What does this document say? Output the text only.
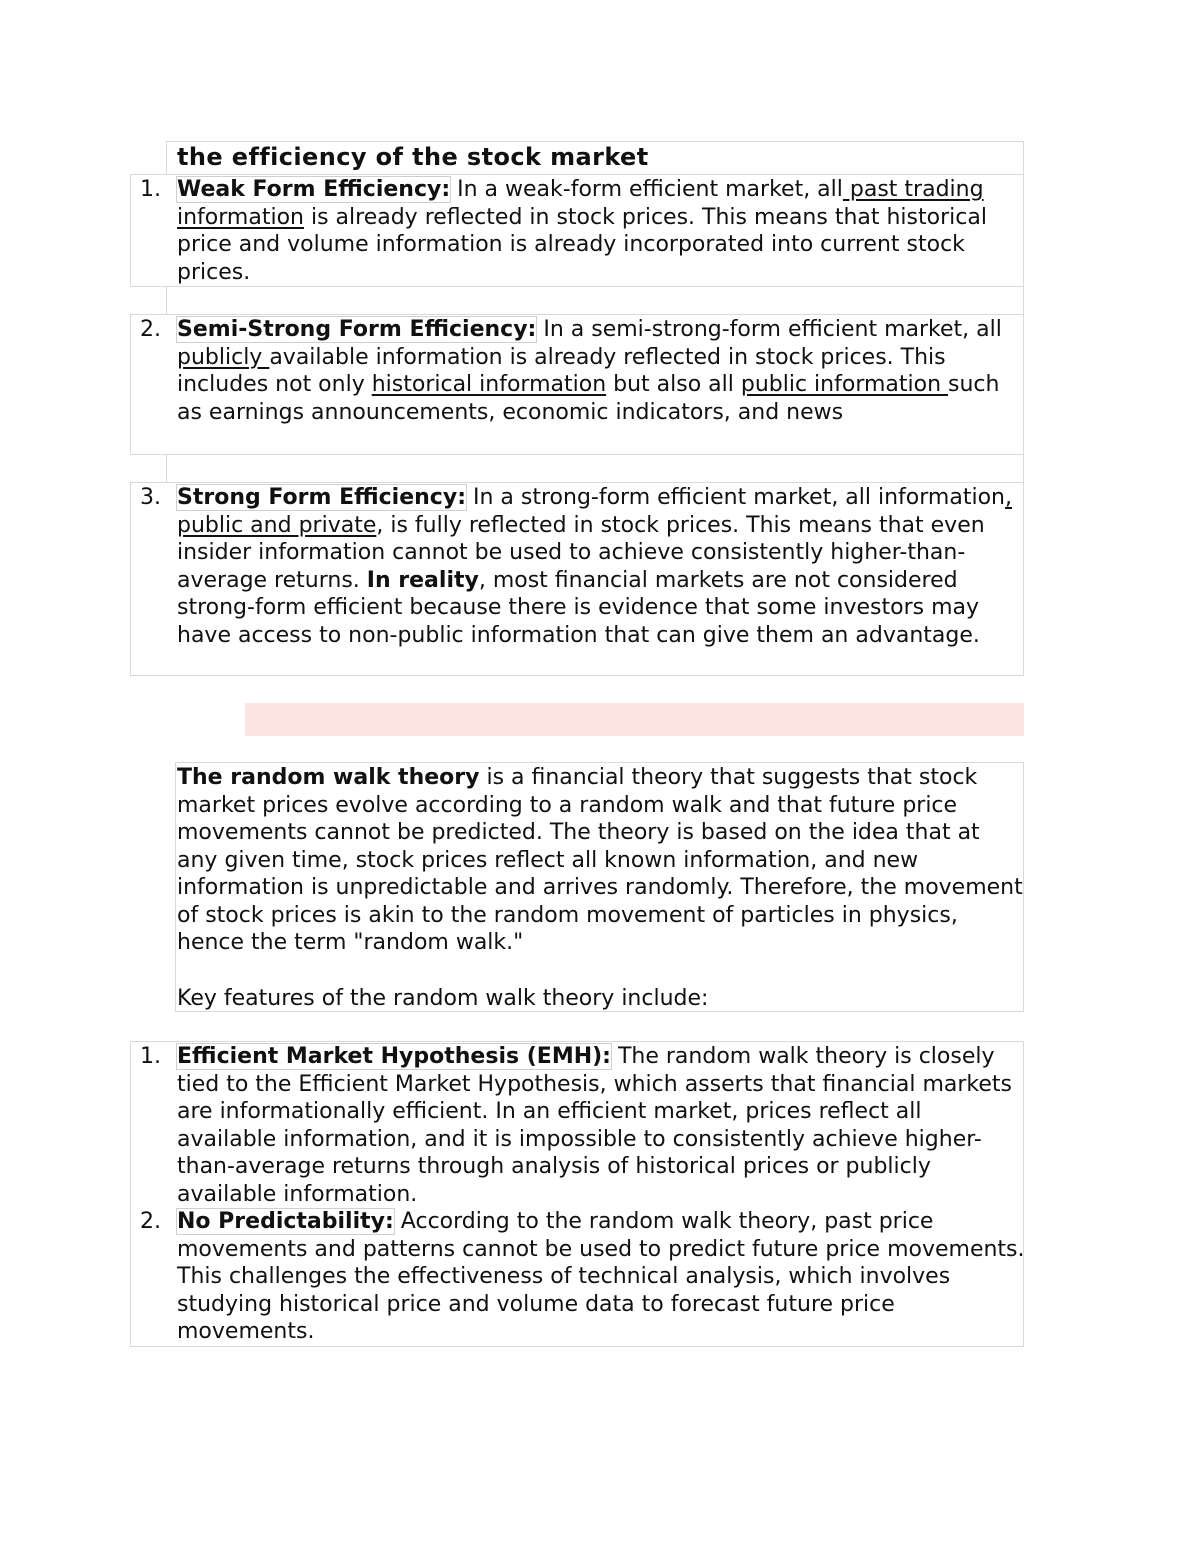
the efficiency of the stock market
1. Weak Form Efficiency: In a weak-form efficient market, all past trading information is already reflected in stock prices. This means that historical price and volume information is already incorporated into current stock prices.

2. Semi-Strong Form Efficiency: In a semi-strong-form efficient market, all publicly available information is already reflected in stock prices. This includes not only historical information but also all public information such as earnings announcements, economic indicators, and news

3. Strong Form Efficiency: In a strong-form efficient market, all information, public and private, is fully reflected in stock prices. This means that even insider information cannot be used to achieve consistently higher-than-average returns. In reality, most financial markets are not considered strong-form efficient because there is evidence that some investors may have access to non-public information that can give them an advantage.

The random walk theory is a financial theory that suggests that stock market prices evolve according to a random walk and that future price movements cannot be predicted. The theory is based on the idea that at any given time, stock prices reflect all known information, and new information is unpredictable and arrives randomly. Therefore, the movement of stock prices is akin to the random movement of particles in physics, hence the term "random walk."

Key features of the random walk theory include:

1. Efficient Market Hypothesis (EMH): The random walk theory is closely tied to the Efficient Market Hypothesis, which asserts that financial markets are informationally efficient. In an efficient market, prices reflect all available information, and it is impossible to consistently achieve higher-than-average returns through analysis of historical prices or publicly available information.

2. No Predictability: According to the random walk theory, past price movements and patterns cannot be used to predict future price movements. This challenges the effectiveness of technical analysis, which involves studying historical price and volume data to forecast future price movements.
